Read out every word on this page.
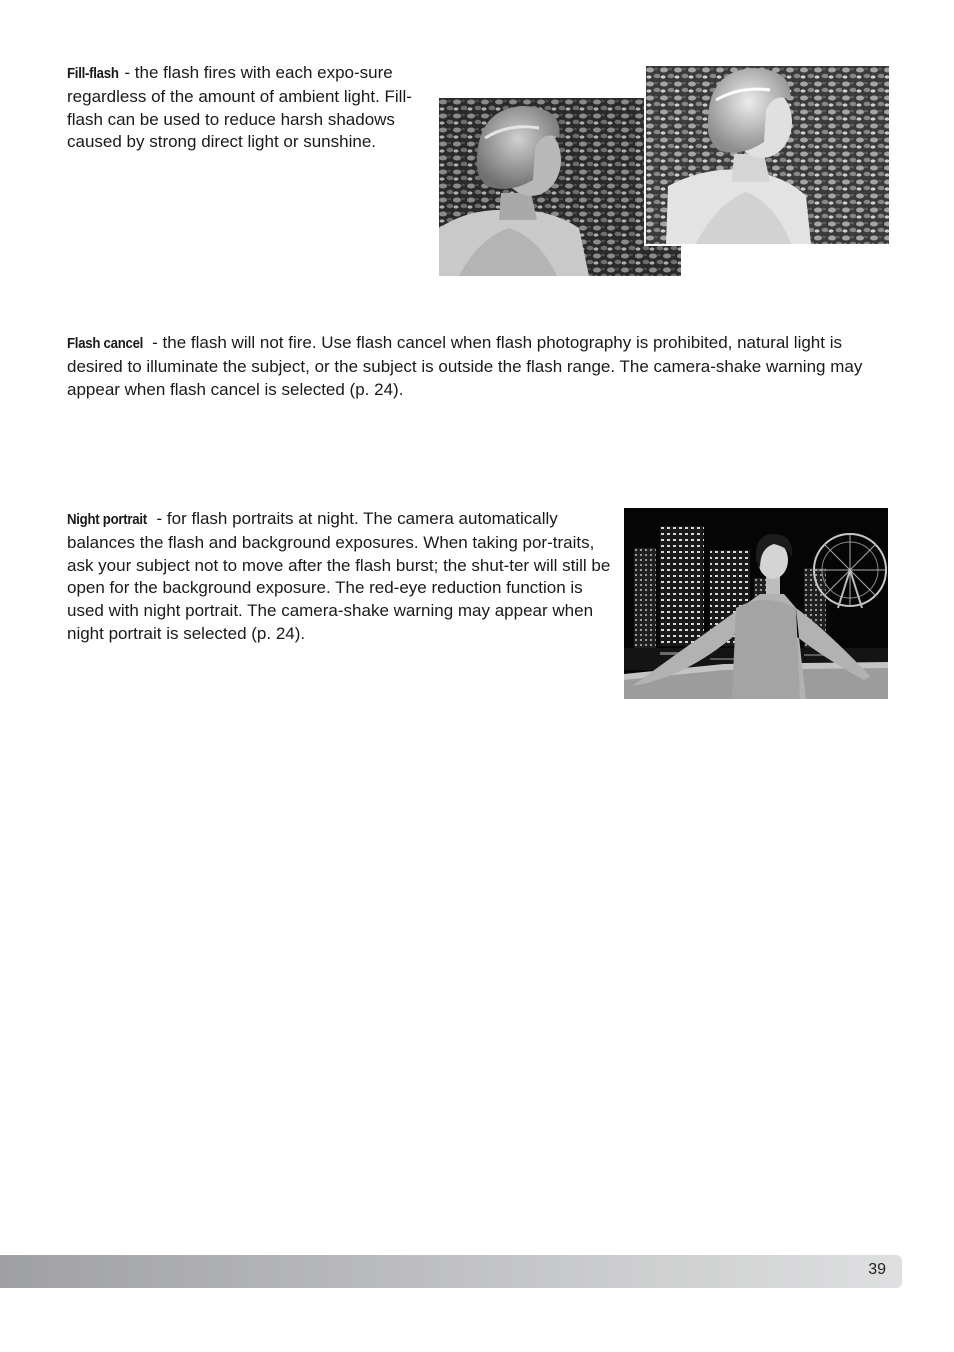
Fill-flash - the flash fires with each expo-sure regardless of the amount of ambient light. Fill-flash can be used to reduce harsh shadows caused by strong direct light or sunshine.

Flash cancel - the flash will not fire. Use flash cancel when flash photography is prohibited, natural light is desired to illuminate the subject, or the subject is outside the flash range. The camera-shake warning may appear when flash cancel is selected (p. 24).

Night portrait - for flash portraits at night. The camera automatically balances the flash and background exposures. When taking por-traits, ask your subject not to move after the flash burst; the shut-ter will still be open for the background exposure. The red-eye reduction function is used with night portrait. The camera-shake warning may appear when night portrait is selected (p. 24).

39
